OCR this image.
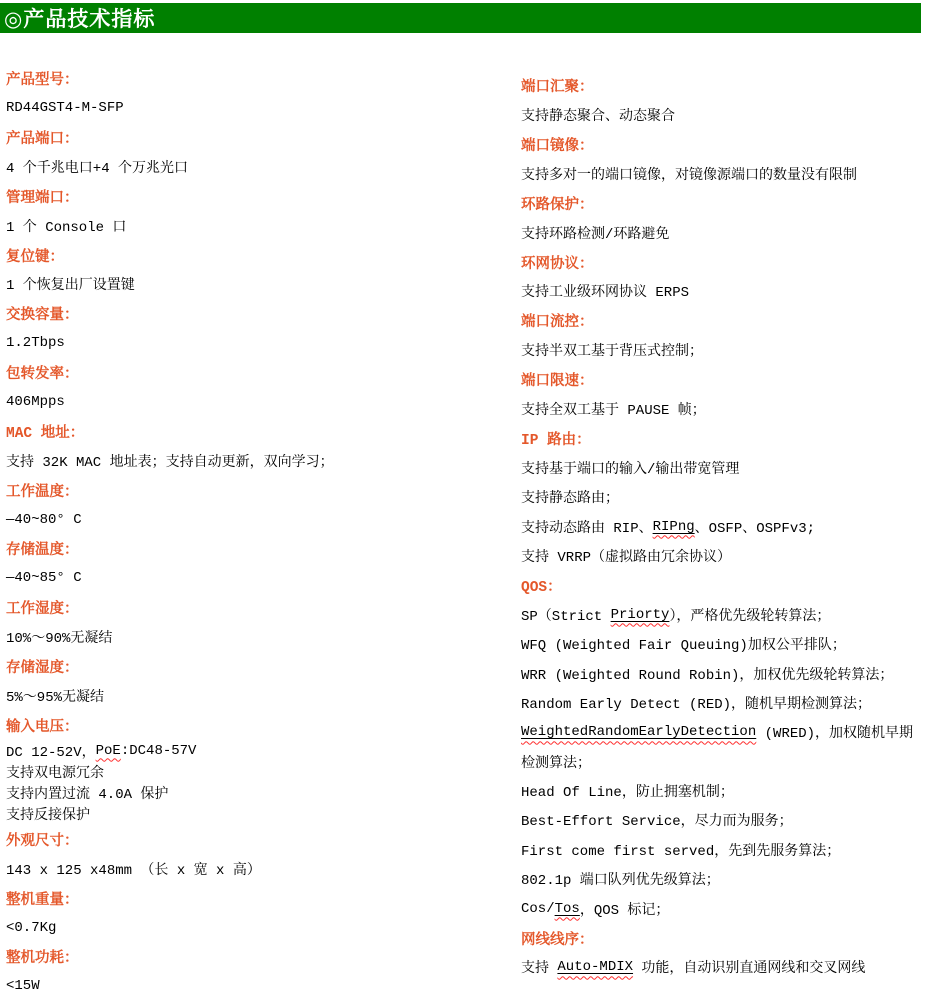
◎产品技术指标
产品型号：
RD44GST4-M-SFP
产品端口：
4 个千兆电口+4 个万兆光口
管理端口：
1 个 Console 口
复位键：
1 个恢复出厂设置键
交换容量：
1.2Tbps
包转发率：
406Mpps
MAC 地址：
支持 32K MAC 地址表；支持自动更新，双向学习；
工作温度：
—40~80° C
存储温度：
—40~85° C
工作湿度：
10%～90%无凝结
存储湿度：
5%～95%无凝结
输入电压：
DC 12-52V， PoE :DC48-57V
支持双电源冗余
支持内置过流 4.0A 保护
支持反接保护
外观尺寸：
143 x 125 x48mm （长 x 宽 x 高）
整机重量：
<0.7Kg
整机功耗：
<15W
端口汇聚：
支持静态聚合、动态聚合
端口镜像：
支持多对一的端口镜像，对镜像源端口的数量没有限制
环路保护：
支持环路检测/环路避免
环网协议：
支持工业级环网协议 ERPS
端口流控：
支持半双工基于背压式控制；
端口限速：
支持全双工基于 PAUSE 帧；
IP 路由：
支持基于端口的输入/输出带宽管理
支持静态路由；
支持动态路由 RIP、 RIPng 、OSFP、OSPFv3;
支持 VRRP（虚拟路由冗余协议）
QOS：
SP（Strict Priorty ），严格优先级轮转算法；
WFQ (Weighted Fair Queuing)加权公平排队；
WRR (Weighted Round Robin)，加权优先级轮转算法；
Random Early Detect (RED)，随机早期检测算法；
WeightedRandomEarlyDetection (WRED)，加权随机早期
检测算法；
Head Of Line，防止拥塞机制；
Best-Effort Service，尽力而为服务；
First come first served，先到先服务算法；
802.1p 端口队列优先级算法；
Cos/ Tos ，QOS 标记；
网线线序：
支持 Auto-MDIX 功能，自动识别直通网线和交叉网线
